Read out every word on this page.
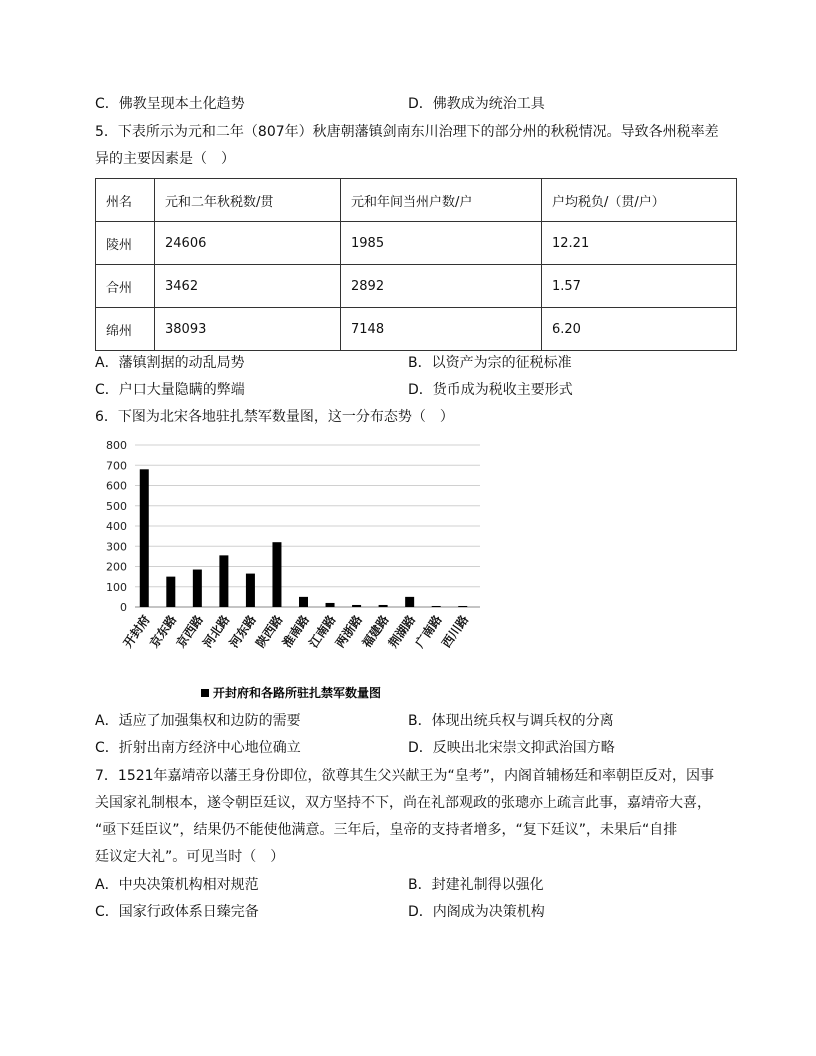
C．佛教呈现本土化趋势	D．佛教成为统治工具
5．下表所示为元和二年（807年）秋唐朝藩镇剑南东川治理下的部分州的秋税情况。导致各州税率差
异的主要因素是（　）
州名	元和二年秋税数/贯	元和年间当州户数/户	户均税负/（贯/户）
陵州	24606	1985	12.21
合州	3462	2892	1.57
绵州	38093	7148	6.20
A．藩镇割据的动乱局势	B．以资产为宗的征税标准
C．户口大量隐瞒的弊端	D．货币成为税收主要形式
6．下图为北宋各地驻扎禁军数量图，这一分布态势（　）
0
100
200
300
400
500
600
700
800
开封府
京东路
京西路
河北路
河东路
陕西路
淮南路
江南路
两浙路
福建路
荆湖路
广南路
西川路
开封府和各路所驻扎禁军数量图
A．适应了加强集权和边防的需要	B．体现出统兵权与调兵权的分离
C．折射出南方经济中心地位确立	D．反映出北宋崇文抑武治国方略
7．1521年嘉靖帝以藩王身份即位，欲尊其生父兴献王为“皇考”，内阁首辅杨廷和率朝臣反对，因事
关国家礼制根本，遂令朝臣廷议，双方坚持不下，尚在礼部观政的张璁亦上疏言此事，嘉靖帝大喜，
“亟下廷臣议”，结果仍不能使他满意。三年后，皇帝的支持者增多，“复下廷议”，未果后“自排
廷议定大礼”。可见当时（　）
A．中央决策机构相对规范	B．封建礼制得以强化
C．国家行政体系日臻完备	D．内阁成为决策机构
